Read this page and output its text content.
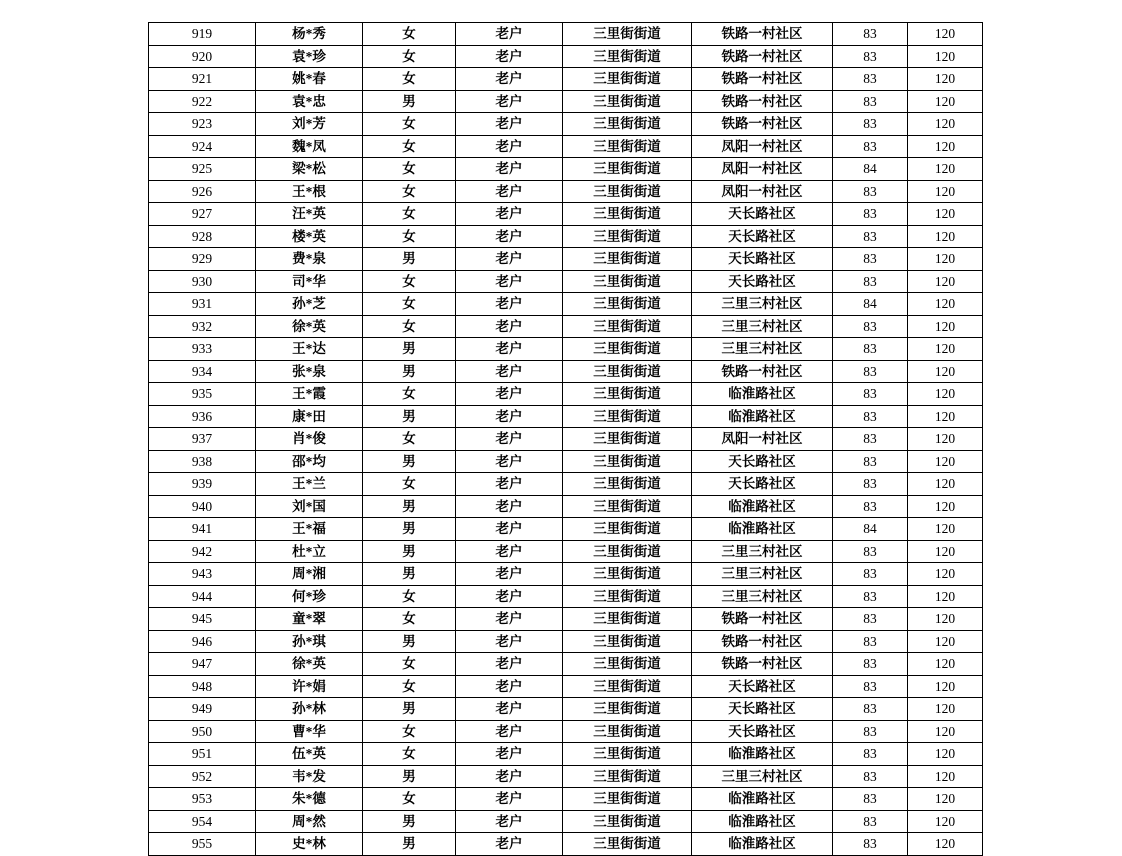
919	杨*秀	女	老户	三里街街道	铁路一村社区	83	120
920	袁*珍	女	老户	三里街街道	铁路一村社区	83	120
921	姚*春	女	老户	三里街街道	铁路一村社区	83	120
922	袁*忠	男	老户	三里街街道	铁路一村社区	83	120
923	刘*芳	女	老户	三里街街道	铁路一村社区	83	120
924	魏*凤	女	老户	三里街街道	凤阳一村社区	83	120
925	梁*松	女	老户	三里街街道	凤阳一村社区	84	120
926	王*根	女	老户	三里街街道	凤阳一村社区	83	120
927	汪*英	女	老户	三里街街道	天长路社区	83	120
928	楼*英	女	老户	三里街街道	天长路社区	83	120
929	费*泉	男	老户	三里街街道	天长路社区	83	120
930	司*华	女	老户	三里街街道	天长路社区	83	120
931	孙*芝	女	老户	三里街街道	三里三村社区	84	120
932	徐*英	女	老户	三里街街道	三里三村社区	83	120
933	王*达	男	老户	三里街街道	三里三村社区	83	120
934	张*泉	男	老户	三里街街道	铁路一村社区	83	120
935	王*霞	女	老户	三里街街道	临淮路社区	83	120
936	康*田	男	老户	三里街街道	临淮路社区	83	120
937	肖*俊	女	老户	三里街街道	凤阳一村社区	83	120
938	邵*均	男	老户	三里街街道	天长路社区	83	120
939	王*兰	女	老户	三里街街道	天长路社区	83	120
940	刘*国	男	老户	三里街街道	临淮路社区	83	120
941	王*福	男	老户	三里街街道	临淮路社区	84	120
942	杜*立	男	老户	三里街街道	三里三村社区	83	120
943	周*湘	男	老户	三里街街道	三里三村社区	83	120
944	何*珍	女	老户	三里街街道	三里三村社区	83	120
945	童*翠	女	老户	三里街街道	铁路一村社区	83	120
946	孙*琪	男	老户	三里街街道	铁路一村社区	83	120
947	徐*英	女	老户	三里街街道	铁路一村社区	83	120
948	许*娟	女	老户	三里街街道	天长路社区	83	120
949	孙*林	男	老户	三里街街道	天长路社区	83	120
950	曹*华	女	老户	三里街街道	天长路社区	83	120
951	伍*英	女	老户	三里街街道	临淮路社区	83	120
952	韦*发	男	老户	三里街街道	三里三村社区	83	120
953	朱*德	女	老户	三里街街道	临淮路社区	83	120
954	周*然	男	老户	三里街街道	临淮路社区	83	120
955	史*林	男	老户	三里街街道	临淮路社区	83	120
